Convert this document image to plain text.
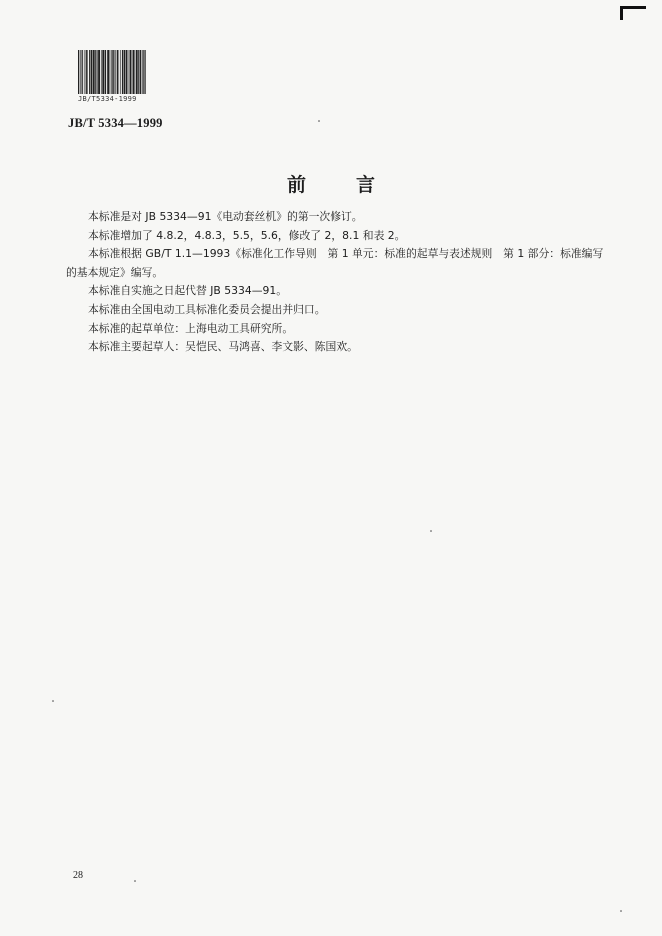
JB/T5334-1999
JB/T 5334—1999
前言

本标准是对 JB 5334—91《电动套丝机》的第一次修订。

本标准增加了 4.8.2，4.8.3，5.5，5.6，修改了 2，8.1 和表 2。

本标准根据 GB/T 1.1—1993《标准化工作导则　第 1 单元：标准的起草与表述规则　第 1 部分：标准编写的基本规定》编写。

本标准自实施之日起代替 JB 5334—91。

本标准由全国电动工具标准化委员会提出并归口。

本标准的起草单位：上海电动工具研究所。

本标准主要起草人：吴恺民、马鸿喜、李文影、陈国欢。

28
